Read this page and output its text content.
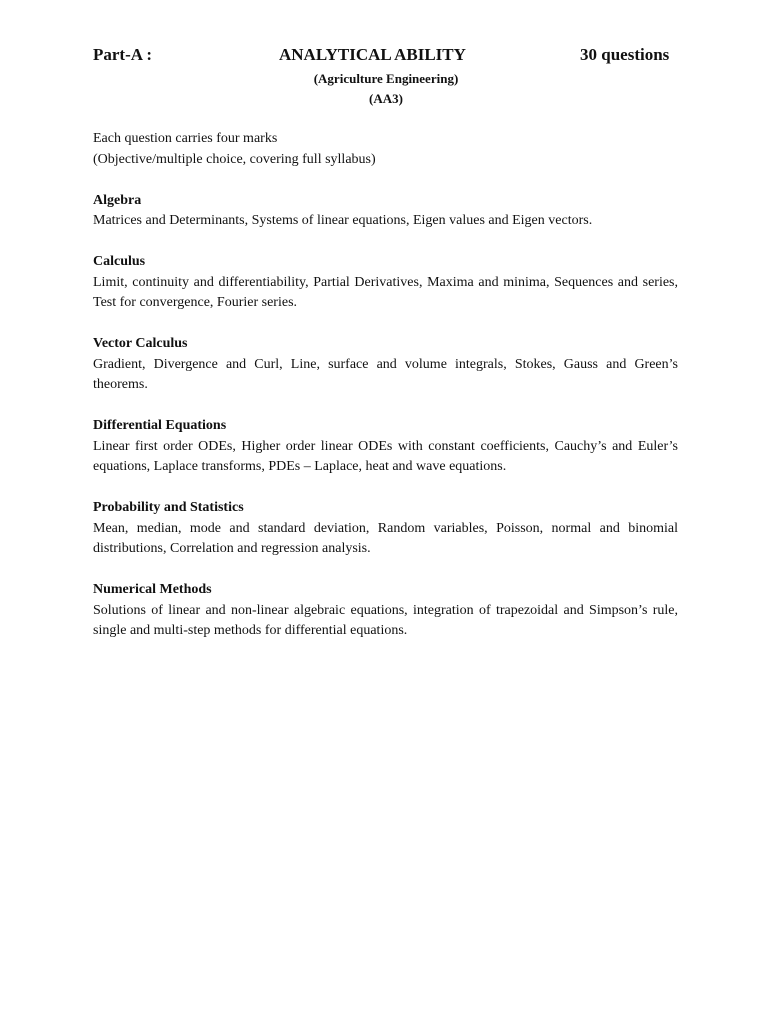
Part-A :	ANALYTICAL ABILITY	30 questions
(Agriculture Engineering)
(AA3)

Each question carries four marks

(Objective/multiple choice, covering full syllabus)

Algebra

Matrices and Determinants, Systems of linear equations, Eigen values and Eigen vectors.

Calculus

Limit, continuity and differentiability, Partial Derivatives, Maxima and minima, Sequences and series, Test for convergence, Fourier series.

Vector Calculus

Gradient, Divergence and Curl, Line, surface and volume integrals, Stokes, Gauss and Green’s theorems.

Differential Equations

Linear first order ODEs, Higher order linear ODEs with constant coefficients, Cauchy’s and Euler’s equations, Laplace transforms, PDEs – Laplace, heat and wave equations.

Probability and Statistics

Mean, median, mode and standard deviation, Random variables, Poisson, normal and binomial distributions, Correlation and regression analysis.

Numerical Methods

Solutions of linear and non-linear algebraic equations, integration of trapezoidal and Simpson’s rule, single and multi-step methods for differential equations.
